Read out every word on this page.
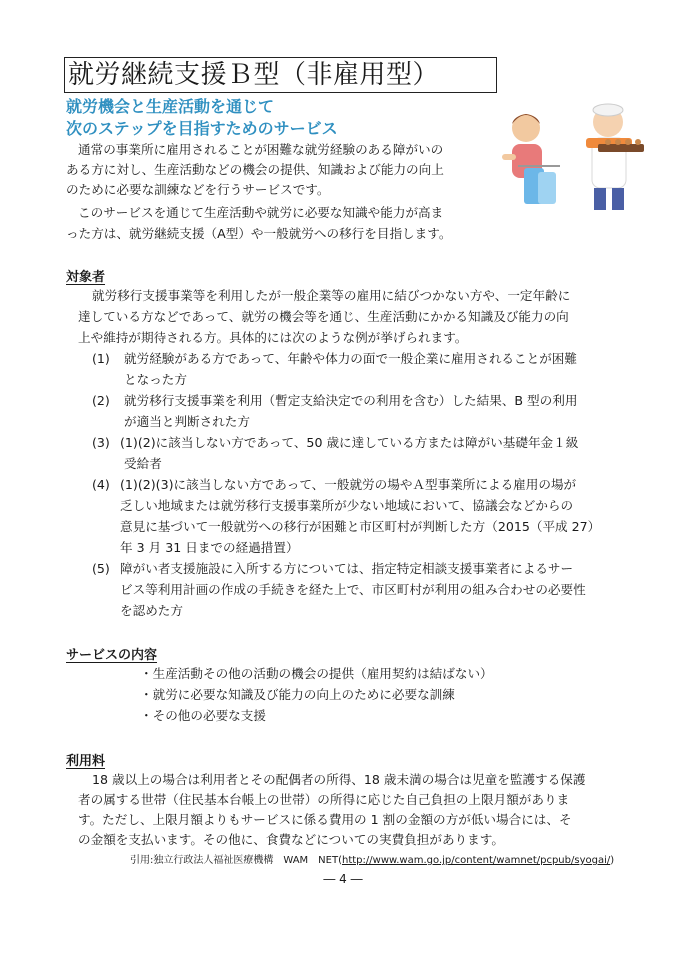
就労継続支援Ｂ型（非雇用型）
就労機会と生産活動を通じて
次のステップを目指すためのサービス
通常の事業所に雇用されることが困難な就労経験のある障がいの
ある方に対し、生産活動などの機会の提供、知識および能力の向上
のために必要な訓練などを行うサービスです。
このサービスを通じて生産活動や就労に必要な知識や能力が高ま
った方は、就労継続支援（A型）や一般就労への移行を目指します。
対象者
就労移行支援事業等を利用したが一般企業等の雇用に結びつかない方や、一定年齢に
達している方などであって、就労の機会等を通じ、生産活動にかかる知識及び能力の向
上や維持が期待される方。具体的には次のような例が挙げられます。
(1) 就労経験がある方であって、年齢や体力の面で一般企業に雇用されることが困難
となった方
(2) 就労移行支援事業を利用（暫定支給決定での利用を含む）した結果、B 型の利用
が適当と判断された方
(3) (1)(2)に該当しない方であって、50 歳に達している方または障がい基礎年金１級
受給者
(4) (1)(2)(3)に該当しない方であって、一般就労の場やＡ型事業所による雇用の場が
乏しい地域または就労移行支援事業所が少ない地域において、協議会などからの
意見に基づいて一般就労への移行が困難と市区町村が判断した方（2015（平成 27）
年 3 月 31 日までの経過措置）
(5) 障がい者支援施設に入所する方については、指定特定相談支援事業者によるサー
ビス等利用計画の作成の手続きを経た上で、市区町村が利用の組み合わせの必要性
を認めた方
サービスの内容
・生産活動その他の活動の機会の提供（雇用契約は結ばない）
・就労に必要な知識及び能力の向上のために必要な訓練
・その他の必要な支援
利用料
18 歳以上の場合は利用者とその配偶者の所得、18 歳未満の場合は児童を監護する保護
者の属する世帯（住民基本台帳上の世帯）の所得に応じた自己負担の上限月額がありま
す。ただし、上限月額よりもサービスに係る費用の 1 割の金額の方が低い場合には、そ
の金額を支払います。その他に、食費などについての実費負担があります。
引用:独立行政法人福祉医療機構　WAM　NET(http://www.wam.go.jp/content/wamnet/pcpub/syogai/)
― 4 ―
